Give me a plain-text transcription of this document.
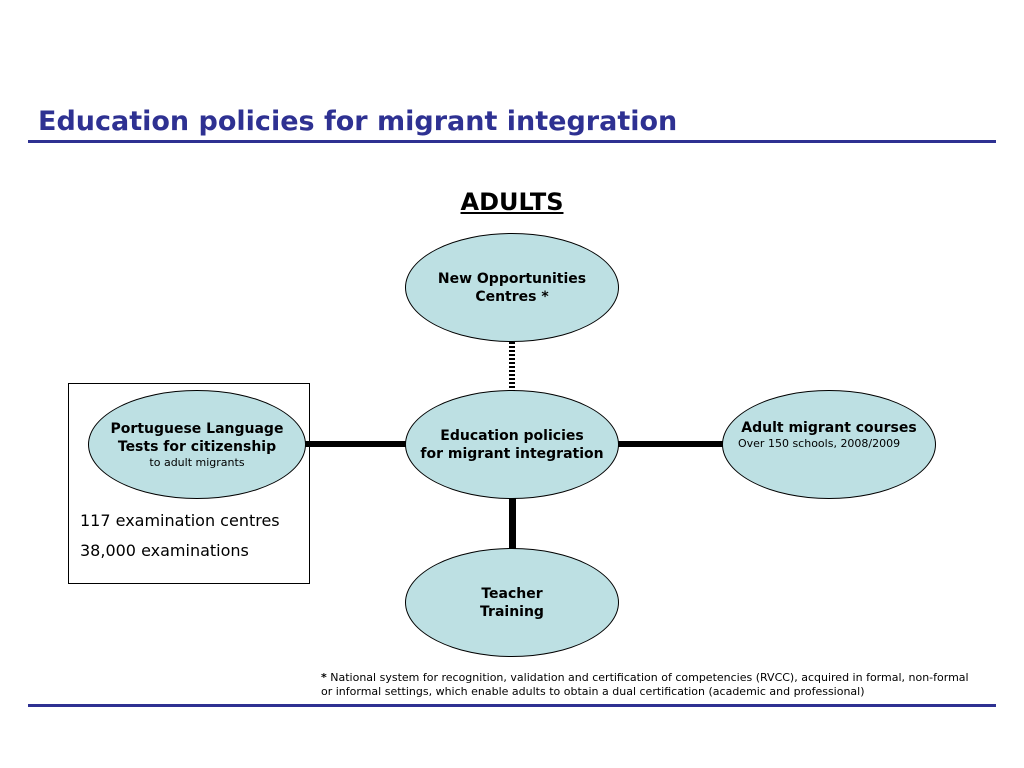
Education policies for migrant integration
ADULTS
117 examination centres
38,000 examinations
New Opportunities
Centres *
Portuguese Language
Tests for citizenship
to adult migrants
Education policies
for migrant integration
Adult migrant courses
Over 150 schools, 2008/2009
Teacher
Training
* National system for recognition, validation and certification of competencies (RVCC), acquired in formal, non-formal or informal settings, which enable adults to obtain a dual certification (academic and professional)
